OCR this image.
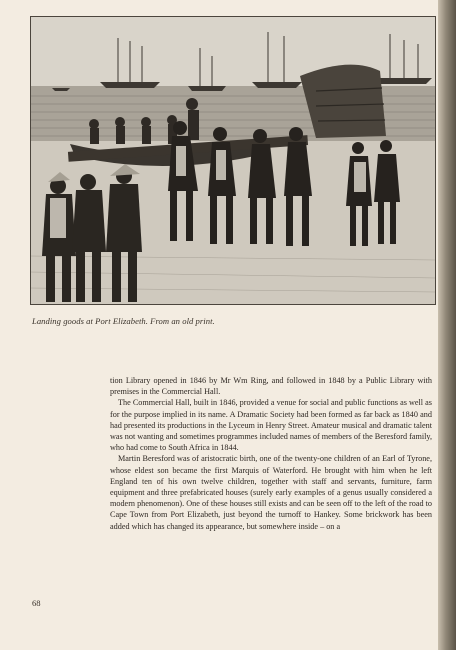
Landing goods at Port Elizabeth. From an old print.

tion Library opened in 1846 by Mr Wm Ring, and followed in 1848 by a Public Library with premises in the Commercial Hall.

The Commercial Hall, built in 1846, provided a venue for social and public functions as well as for the purpose implied in its name. A Dramatic Society had been formed as far back as 1840 and had presented its productions in the Lyceum in Henry Street. Amateur musical and dramatic talent was not wanting and sometimes programmes included names of members of the Beresford family, who had come to South Africa in 1844.

Martin Beresford was of aristocratic birth, one of the twenty-one children of an Earl of Tyrone, whose eldest son became the first Marquis of Waterford. He brought with him when he left England ten of his own twelve children, together with staff and servants, furniture, farm equipment and three prefabricated houses (surely early examples of a genus usually considered a modern phenomenon). One of these houses still exists and can be seen off to the left of the road to Cape Town from Port Elizabeth, just beyond the turnoff to Hankey. Some brickwork has been added which has changed its appearance, but somewhere inside – on a

68
